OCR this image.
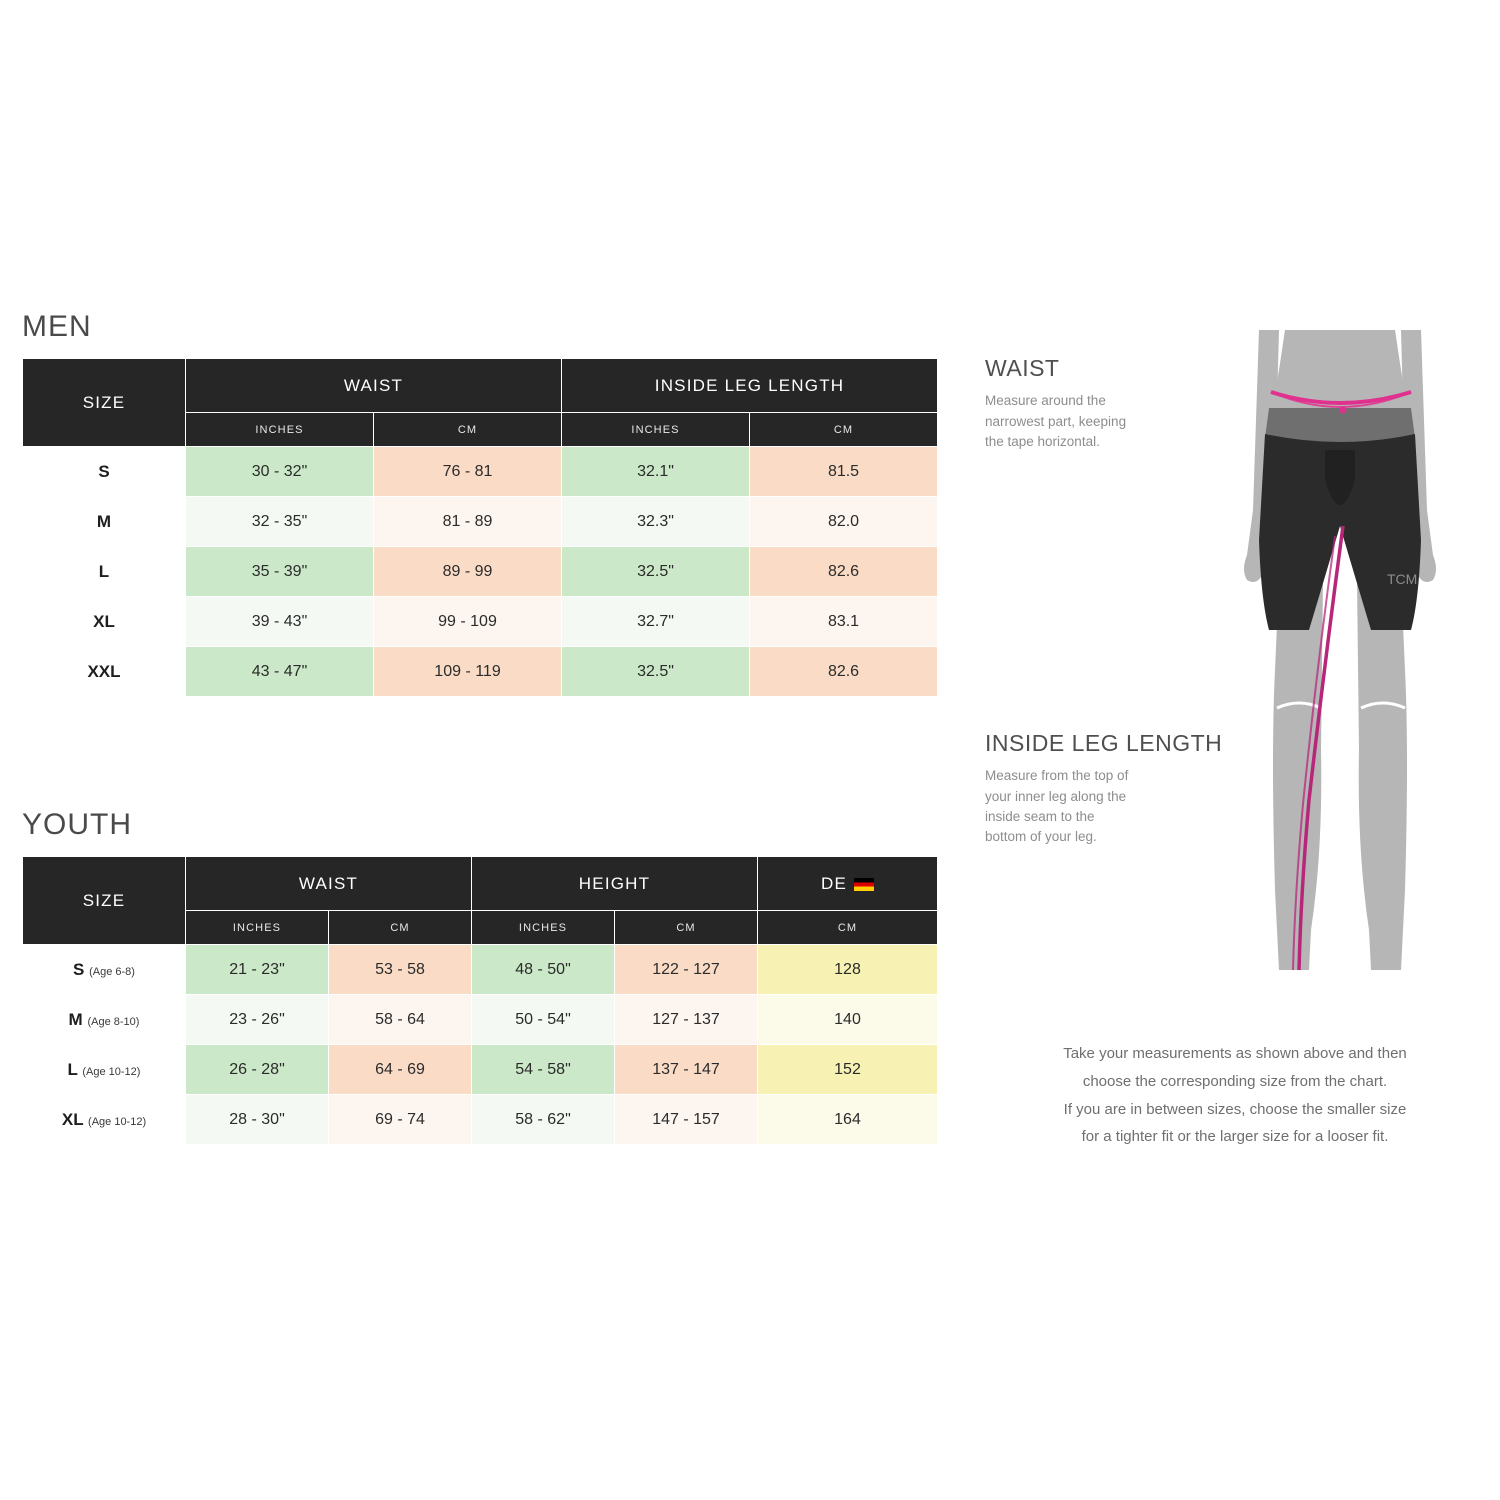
MEN
SIZE	WAIST		INSIDE LEG LENGTH	
	INCHES	CM	INCHES	CM
S	30 - 32"	76 - 81	32.1"	81.5
M	32 - 35"	81 - 89	32.3"	82.0
L	35 - 39"	89 - 99	32.5"	82.6
XL	39 - 43"	99 - 109	32.7"	83.1
XXL	43 - 47"	109 - 119	32.5"	82.6
YOUTH
SIZE	WAIST		HEIGHT		DE
	INCHES	CM	INCHES	CM	CM
S (Age 6-8)	21 - 23"	53 - 58	48 - 50"	122 - 127	128
M (Age 8-10)	23 - 26"	58 - 64	50 - 54"	127 - 137	140
L (Age 10-12)	26 - 28"	64 - 69	54 - 58"	137 - 147	152
XL (Age 10-12)	28 - 30"	69 - 74	58 - 62"	147 - 157	164
WAIST

Measure around the narrowest part, keeping the tape horizontal.

INSIDE LEG LENGTH

Measure from the top of your inner leg along the inside seam to the bottom of your leg.

TCM
Take your measurements as shown above and then
choose the corresponding size from the chart.
If you are in between sizes, choose the smaller size
for a tighter fit or the larger size for a looser fit.
